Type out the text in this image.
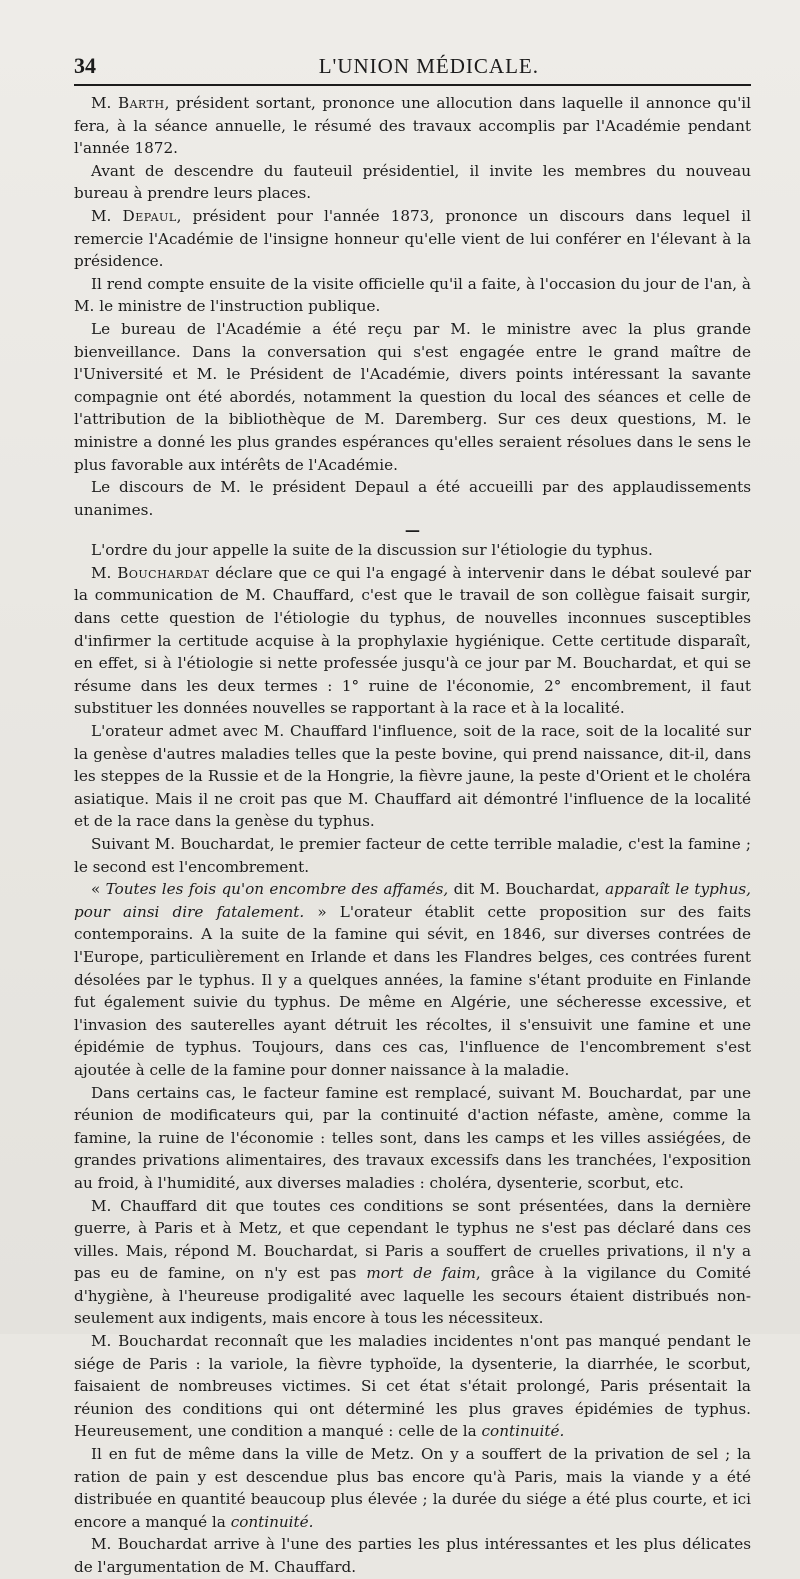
34	L'UNION MÉDICALE.

M. Barth, président sortant, prononce une allocution dans laquelle il annonce qu'il fera, à la séance annuelle, le résumé des travaux accomplis par l'Académie pendant l'année 1872.

Avant de descendre du fauteuil présidentiel, il invite les membres du nouveau bureau à prendre leurs places.

M. Depaul, président pour l'année 1873, prononce un discours dans lequel il remercie l'Académie de l'insigne honneur qu'elle vient de lui conférer en l'élevant à la présidence.

Il rend compte ensuite de la visite officielle qu'il a faite, à l'occasion du jour de l'an, à M. le ministre de l'instruction publique.

Le bureau de l'Académie a été reçu par M. le ministre avec la plus grande bienveillance. Dans la conversation qui s'est engagée entre le grand maître de l'Université et M. le Président de l'Académie, divers points intéressant la savante compagnie ont été abordés, notamment la question du local des séances et celle de l'attribution de la bibliothèque de M. Daremberg. Sur ces deux questions, M. le ministre a donné les plus grandes espérances qu'elles seraient résolues dans le sens le plus favorable aux intérêts de l'Académie.

Le discours de M. le président Depaul a été accueilli par des applaudissements unanimes.

—

L'ordre du jour appelle la suite de la discussion sur l'étiologie du typhus.

M. Bouchardat déclare que ce qui l'a engagé à intervenir dans le débat soulevé par la communication de M. Chauffard, c'est que le travail de son collègue faisait surgir, dans cette question de l'étiologie du typhus, de nouvelles inconnues susceptibles d'infirmer la certitude acquise à la prophylaxie hygiénique. Cette certitude disparaît, en effet, si à l'étiologie si nette professée jusqu'à ce jour par M. Bouchardat, et qui se résume dans les deux termes : 1° ruine de l'économie, 2° encombrement, il faut substituer les données nouvelles se rapportant à la race et à la localité.

L'orateur admet avec M. Chauffard l'influence, soit de la race, soit de la localité sur la genèse d'autres maladies telles que la peste bovine, qui prend naissance, dit-il, dans les steppes de la Russie et de la Hongrie, la fièvre jaune, la peste d'Orient et le choléra asiatique. Mais il ne croit pas que M. Chauffard ait démontré l'influence de la localité et de la race dans la genèse du typhus.

Suivant M. Bouchardat, le premier facteur de cette terrible maladie, c'est la famine ; le second est l'encombrement.

« Toutes les fois qu'on encombre des affamés, dit M. Bouchardat, apparaît le typhus, pour ainsi dire fatalement. » L'orateur établit cette proposition sur des faits contemporains. A la suite de la famine qui sévit, en 1846, sur diverses contrées de l'Europe, particulièrement en Irlande et dans les Flandres belges, ces contrées furent désolées par le typhus. Il y a quelques années, la famine s'étant produite en Finlande fut également suivie du typhus. De même en Algérie, une sécheresse excessive, et l'invasion des sauterelles ayant détruit les récoltes, il s'ensuivit une famine et une épidémie de typhus. Toujours, dans ces cas, l'influence de l'encombrement s'est ajoutée à celle de la famine pour donner naissance à la maladie.

Dans certains cas, le facteur famine est remplacé, suivant M. Bouchardat, par une réunion de modificateurs qui, par la continuité d'action néfaste, amène, comme la famine, la ruine de l'économie : telles sont, dans les camps et les villes assiégées, de grandes privations alimentaires, des travaux excessifs dans les tranchées, l'exposition au froid, à l'humidité, aux diverses maladies : choléra, dysenterie, scorbut, etc.

M. Chauffard dit que toutes ces conditions se sont présentées, dans la dernière guerre, à Paris et à Metz, et que cependant le typhus ne s'est pas déclaré dans ces villes. Mais, répond M. Bouchardat, si Paris a souffert de cruelles privations, il n'y a pas eu de famine, on n'y est pas mort de faim, grâce à la vigilance du Comité d'hygiène, à l'heureuse prodigalité avec laquelle les secours étaient distribués non-seulement aux indigents, mais encore à tous les nécessiteux.

M. Bouchardat reconnaît que les maladies incidentes n'ont pas manqué pendant le siége de Paris : la variole, la fièvre typhoïde, la dysenterie, la diarrhée, le scorbut, faisaient de nombreuses victimes. Si cet état s'était prolongé, Paris présentait la réunion des conditions qui ont déterminé les plus graves épidémies de typhus. Heureusement, une condition a manqué : celle de la continuité.

Il en fut de même dans la ville de Metz. On y a souffert de la privation de sel ; la ration de pain y est descendue plus bas encore qu'à Paris, mais la viande y a été distribuée en quantité beaucoup plus élevée ; la durée du siége a été plus courte, et ici encore a manqué la continuité.

M. Bouchardat arrive à l'une des parties les plus intéressantes et les plus délicates de l'argumentation de M. Chauffard.
